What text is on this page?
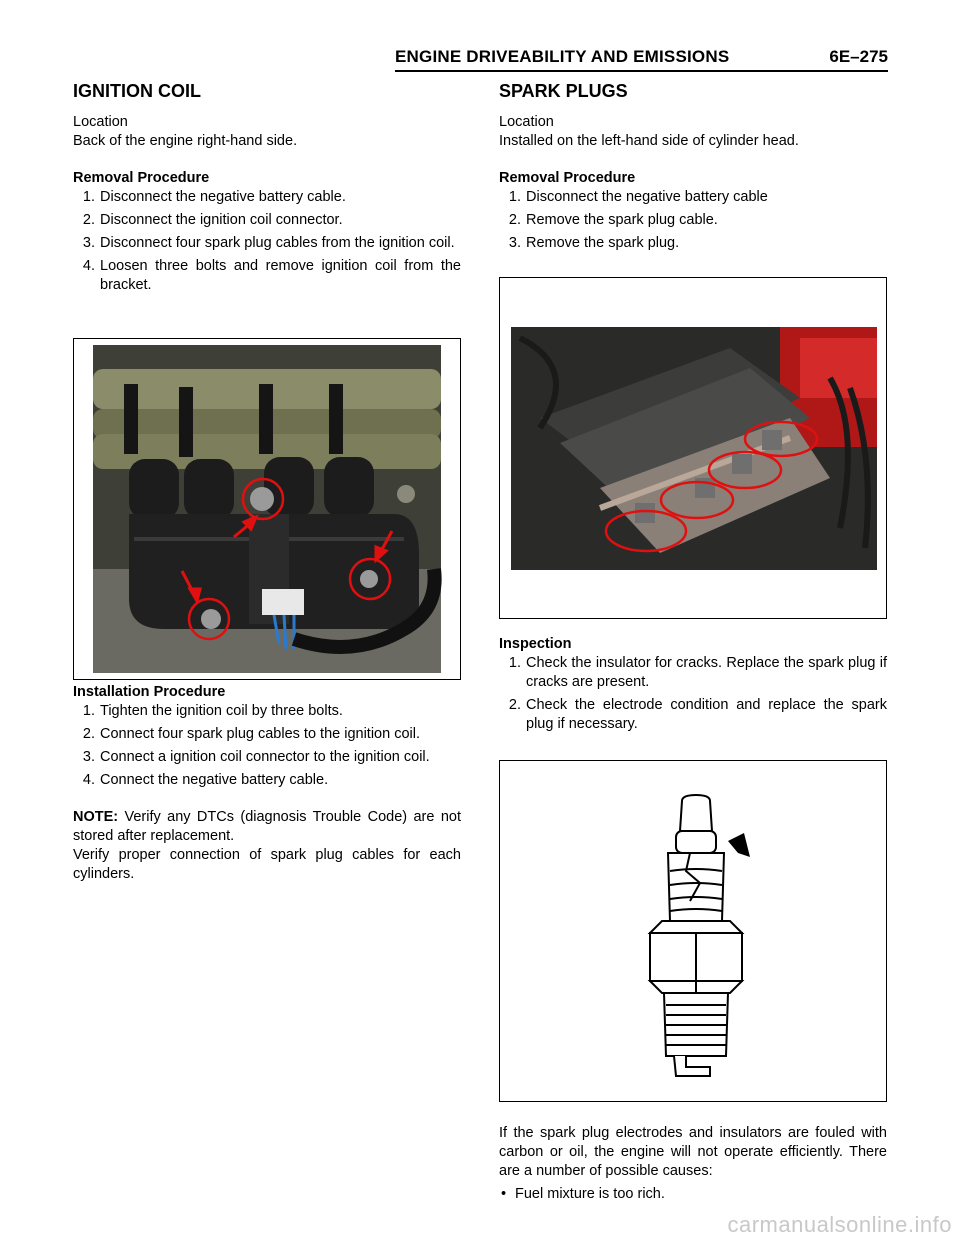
ENGINE DRIVEABILITY AND EMISSIONS	6E–275
IGNITION COIL

Location

Back of the engine right-hand side.

Removal Procedure

1. Disconnect the negative battery cable.
2. Disconnect the ignition coil connector.
3. Disconnect four spark plug cables from the ignition coil.
4. Loosen three bolts and remove ignition coil from the bracket.

Installation Procedure

1. Tighten the ignition coil by three bolts.
2. Connect four spark plug cables to the ignition coil.
3. Connect a ignition coil connector to the ignition coil.
4. Connect the negative battery cable.

NOTE: Verify any DTCs (diagnosis Trouble Code) are not stored after replacement.

Verify proper connection of spark plug cables for each cylinders.

SPARK PLUGS

Location

Installed on the left-hand side of cylinder head.

Removal Procedure

1. Disconnect the negative battery cable
2. Remove the spark plug cable.
3. Remove the spark plug.

Inspection

1. Check the insulator for cracks. Replace the spark plug if cracks are present.
2. Check the electrode condition and replace the spark plug if necessary.

If the spark plug electrodes and insulators are fouled with carbon or oil, the engine will not operate efficiently. There are a number of possible causes:

• Fuel mixture is too rich.
carmanualsonline.info
